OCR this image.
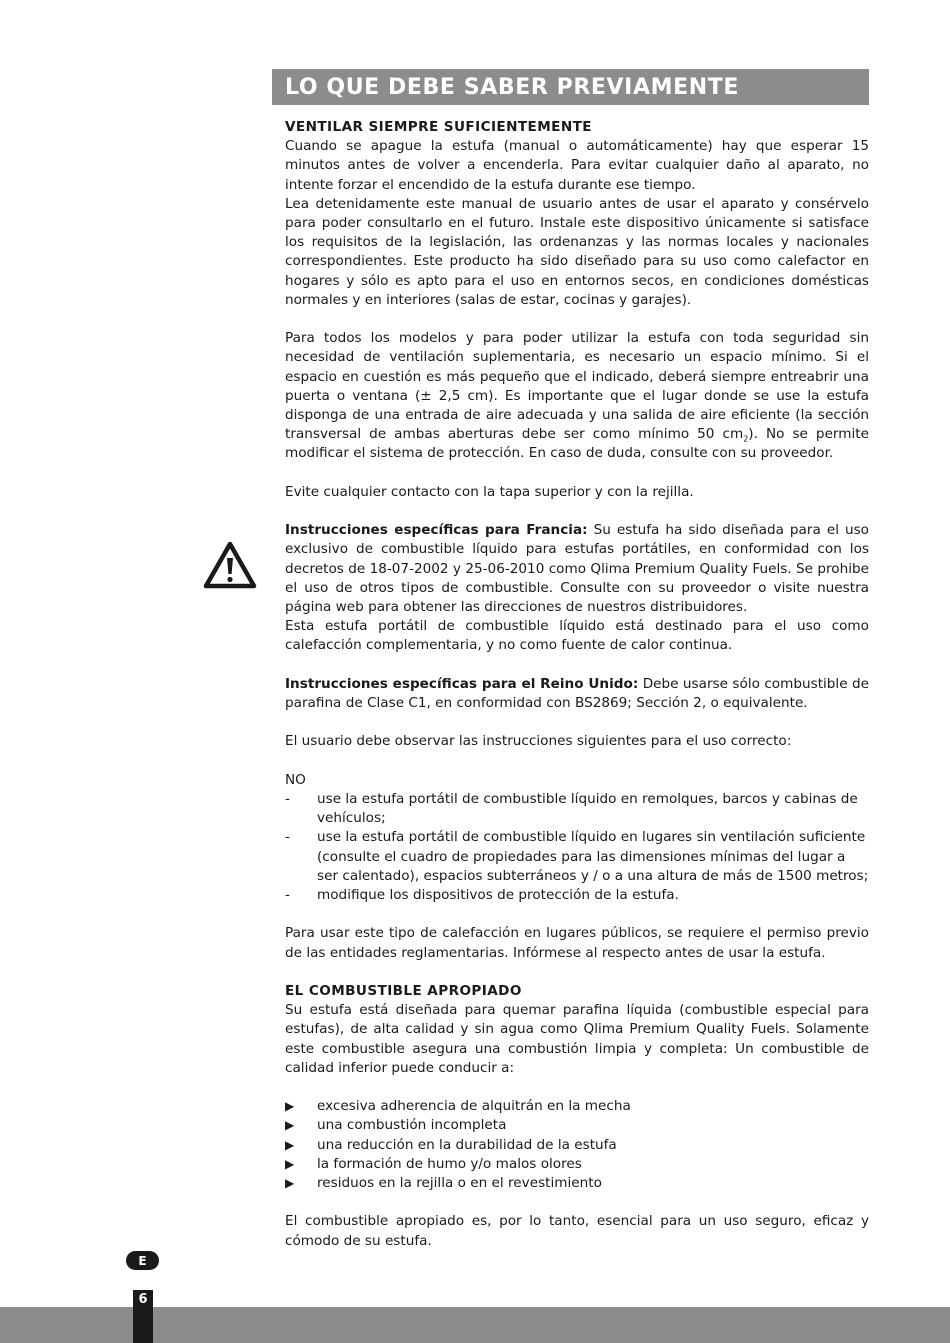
LO QUE DEBE SABER PREVIAMENTE
VENTILAR SIEMPRE SUFICIENTEMENTE

Cuando se apague la estufa (manual o automáticamente) hay que esperar 15 minutos antes de volver a encenderla. Para evitar cualquier daño al aparato, no intente forzar el encendido de la estufa durante ese tiempo.

Lea detenidamente este manual de usuario antes de usar el aparato y consérvelo para poder consultarlo en el futuro. Instale este dispositivo únicamente si satisface los requisitos de la legislación, las ordenanzas y las normas locales y nacionales correspondientes. Este producto ha sido diseñado para su uso como calefactor en hogares y sólo es apto para el uso en entornos secos, en condiciones domésticas normales y en interiores (salas de estar, cocinas y garajes).

Para todos los modelos y para poder utilizar la estufa con toda seguridad sin necesidad de ventilación suplementaria, es necesario un espacio mínimo. Si el espacio en cuestión es más pequeño que el indicado, deberá siempre entreabrir una puerta o ventana (± 2,5 cm). Es importante que el lugar donde se use la estufa disponga de una entrada de aire adecuada y una salida de aire eficiente (la sección transversal de ambas aberturas debe ser como mínimo 50 $cm_2$). No se permite modificar el sistema de protección. En caso de duda, consulte con su proveedor.

Evite cualquier contacto con la tapa superior y con la rejilla.

Instrucciones específicas para Francia: Su estufa ha sido diseñada para el uso exclusivo de combustible líquido para estufas portátiles, en conformidad con los decretos de 18-07-2002 y 25-06-2010 como Qlima Premium Quality Fuels. Se prohibe el uso de otros tipos de combustible. Consulte con su proveedor o visite nuestra página web para obtener las direcciones de nuestros distribuidores.

Esta estufa portátil de combustible líquido está destinado para el uso como calefacción complementaria, y no como fuente de calor continua.

Instrucciones específicas para el Reino Unido: Debe usarse sólo combustible de parafina de Clase C1, en conformidad con BS2869; Sección 2, o equivalente.

El usuario debe observar las instrucciones siguientes para el uso correcto:

NO

- use la estufa portátil de combustible líquido en remolques, barcos y cabinas de vehículos;
- use la estufa portátil de combustible líquido en lugares sin ventilación suficiente (consulte el cuadro de propiedades para las dimensiones mínimas del lugar a ser calentado), espacios subterráneos y / o a una altura de más de 1500 metros;
- modifique los dispositivos de protección de la estufa.

Para usar este tipo de calefacción en lugares públicos, se requiere el permiso previo de las entidades reglamentarias. Infórmese al respecto antes de usar la estufa.

EL COMBUSTIBLE APROPIADO

Su estufa está diseñada para quemar parafina líquida (combustible especial para estufas), de alta calidad y sin agua como Qlima Premium Quality Fuels. Solamente este combustible asegura una combustión limpia y completa: Un combustible de calidad inferior puede conducir a:

▶ excesiva adherencia de alquitrán en la mecha
▶ una combustión incompleta
▶ una reducción en la durabilidad de la estufa
▶ la formación de humo y/o malos olores
▶ residuos en la rejilla o en el revestimiento

El combustible apropiado es, por lo tanto, esencial para un uso seguro, eficaz y cómodo de su estufa.

E
6
